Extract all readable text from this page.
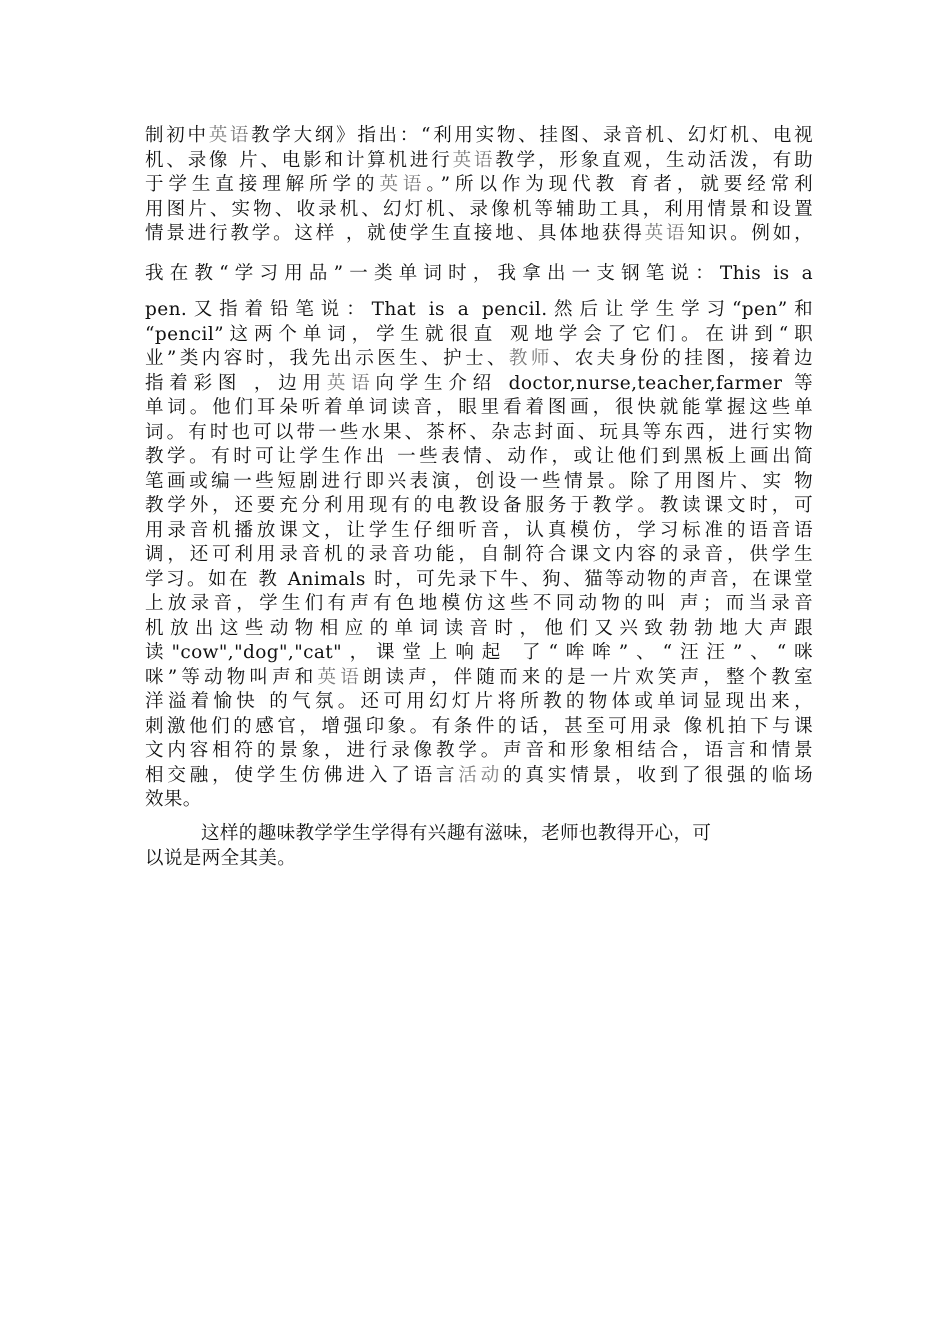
制初中英语教学大纲》指出：“利用实物、挂图、录音机、幻灯机、电视
机、录像 片、电影和计算机进行英语教学，形象直观，生动活泼，有助
于学生直接理解所学的英语。”所以作为现代教 育者，就要经常利
用图片、实物、收录机、幻灯机、录像机等辅助工具，利用情景和设置
情景进行教学。这样 ，就使学生直接地、具体地获得英语知识。例如，
我在教“学习用品”一类单词时，我拿出一支钢笔说：This is a
pen.又指着铅笔说：That is a pencil.然后让学生学习“pen”和
“pencil”这两个单词，学生就很直 观地学会了它们。在讲到“职
业”类内容时，我先出示医生、护士、教师、农夫身份的挂图，接着边
指着彩图 ，边用英语向学生介绍 doctor,nurse,teacher,farmer 等
单词。他们耳朵听着单词读音，眼里看着图画，很快就能掌握这些单
词。有时也可以带一些水果、茶杯、杂志封面、玩具等东西，进行实物
教学。有时可让学生作出 一些表情、动作，或让他们到黑板上画出简
笔画或编一些短剧进行即兴表演，创设一些情景。除了用图片、实 物
教学外，还要充分利用现有的电教设备服务于教学。教读课文时，可
用录音机播放课文，让学生仔细听音，认真模仿，学习标准的语音语
调，还可利用录音机的录音功能，自制符合课文内容的录音，供学生
学习。如在 教 Animals 时，可先录下牛、狗、猫等动物的声音，在课堂
上放录音，学生们有声有色地模仿这些不同动物的叫 声；而当录音
机放出这些动物相应的单词读音时，他们又兴致勃勃地大声跟
读"cow","dog","cat"，课堂上响起 了“哞哞”、“汪汪”、“咪
咪”等动物叫声和英语朗读声，伴随而来的是一片欢笑声，整个教室
洋溢着愉快 的气氛。还可用幻灯片将所教的物体或单词显现出来，
刺激他们的感官，增强印象。有条件的话，甚至可用录 像机拍下与课
文内容相符的景象，进行录像教学。声音和形象相结合，语言和情景
相交融，使学生仿佛进入了语言活动的真实情景，收到了很强的临场
效果。
这样的趣味教学学生学得有兴趣有滋味，老师也教得开心，可
以说是两全其美。
